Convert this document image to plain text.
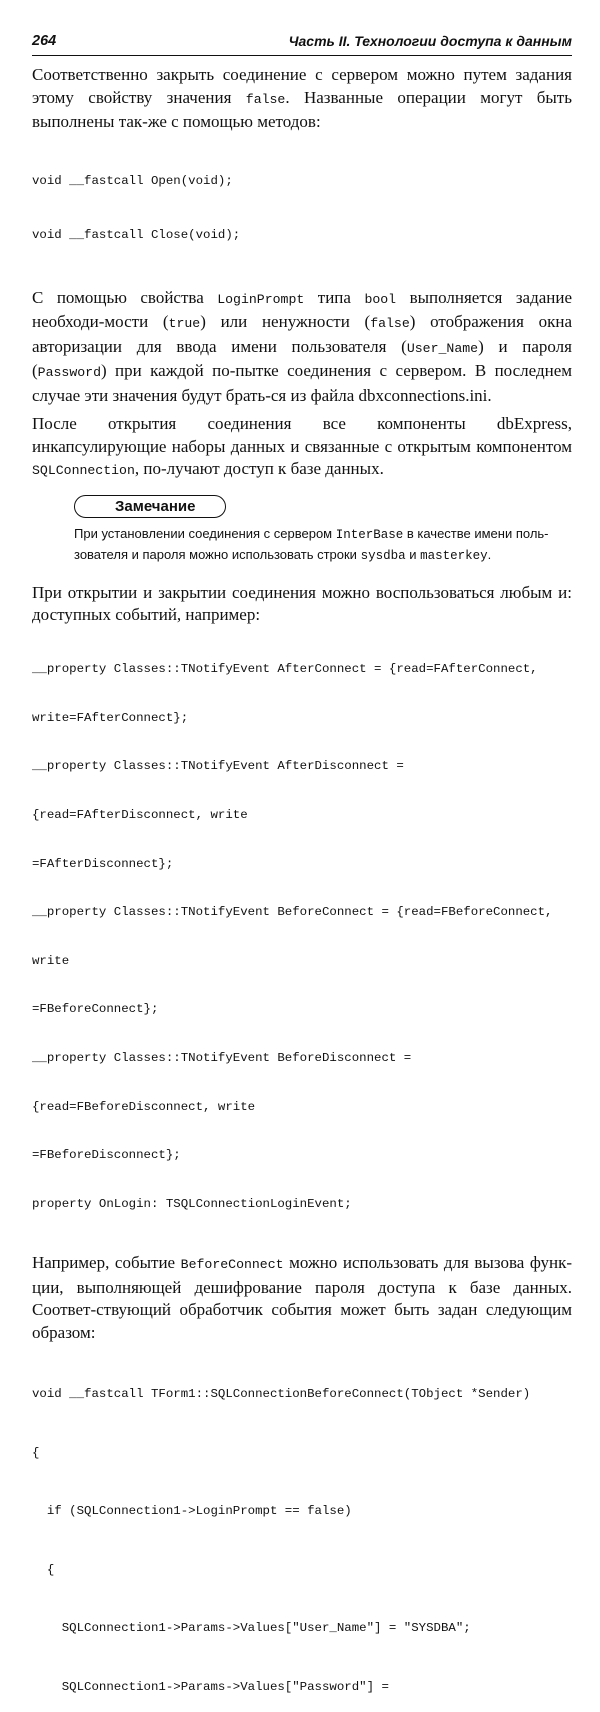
264	Часть II. Технологии доступа к данным

Соответственно закрыть соединение с сервером можно путем задания этому свойству значения false. Названные операции могут быть выполнены так-же с помощью методов:

void __fastcall Open(void);

void __fastcall Close(void);

С помощью свойства LoginPrompt типа bool выполняется задание необходи-мости (true) или ненужности (false) отображения окна авторизации для ввода имени пользователя (User_Name) и пароля (Password) при каждой по-пытке соединения с сервером. В последнем случае эти значения будут брать-ся из файла dbxconnections.ini.

После открытия соединения все компоненты dbExpress, инкапсулирующие наборы данных и связанные с открытым компонентом SQLConnection, по-лучают доступ к базе данных.

Замечание
При установлении соединения с сервером InterBase в качестве имени поль-зователя и пароля можно использовать строки sysdba и masterkey.

При открытии и закрытии соединения можно воспользоваться любым и: доступных событий, например:

__property Classes::TNotifyEvent AfterConnect = {read=FAfterConnect,

write=FAfterConnect};

__property Classes::TNotifyEvent AfterDisconnect =

{read=FAfterDisconnect, write

=FAfterDisconnect};

__property Classes::TNotifyEvent BeforeConnect = {read=FBeforeConnect,

write

=FBeforeConnect};

__property Classes::TNotifyEvent BeforeDisconnect =

{read=FBeforeDisconnect, write

=FBeforeDisconnect};

property OnLogin: TSQLConnectionLoginEvent;

Например, событие BeforeConnect можно использовать для вызова функ-ции, выполняющей дешифрование пароля доступа к базе данных. Соответ-ствующий обработчик события может быть задан следующим образом:

void __fastcall TForm1::SQLConnectionBeforeConnect(TObject *Sender)

{

if (SQLConnection1->LoginPrompt == false)

{

SQLConnection1->Params->Values["User_Name"] = "SYSDBA";

SQLConnection1->Params->Values["Password"] =
